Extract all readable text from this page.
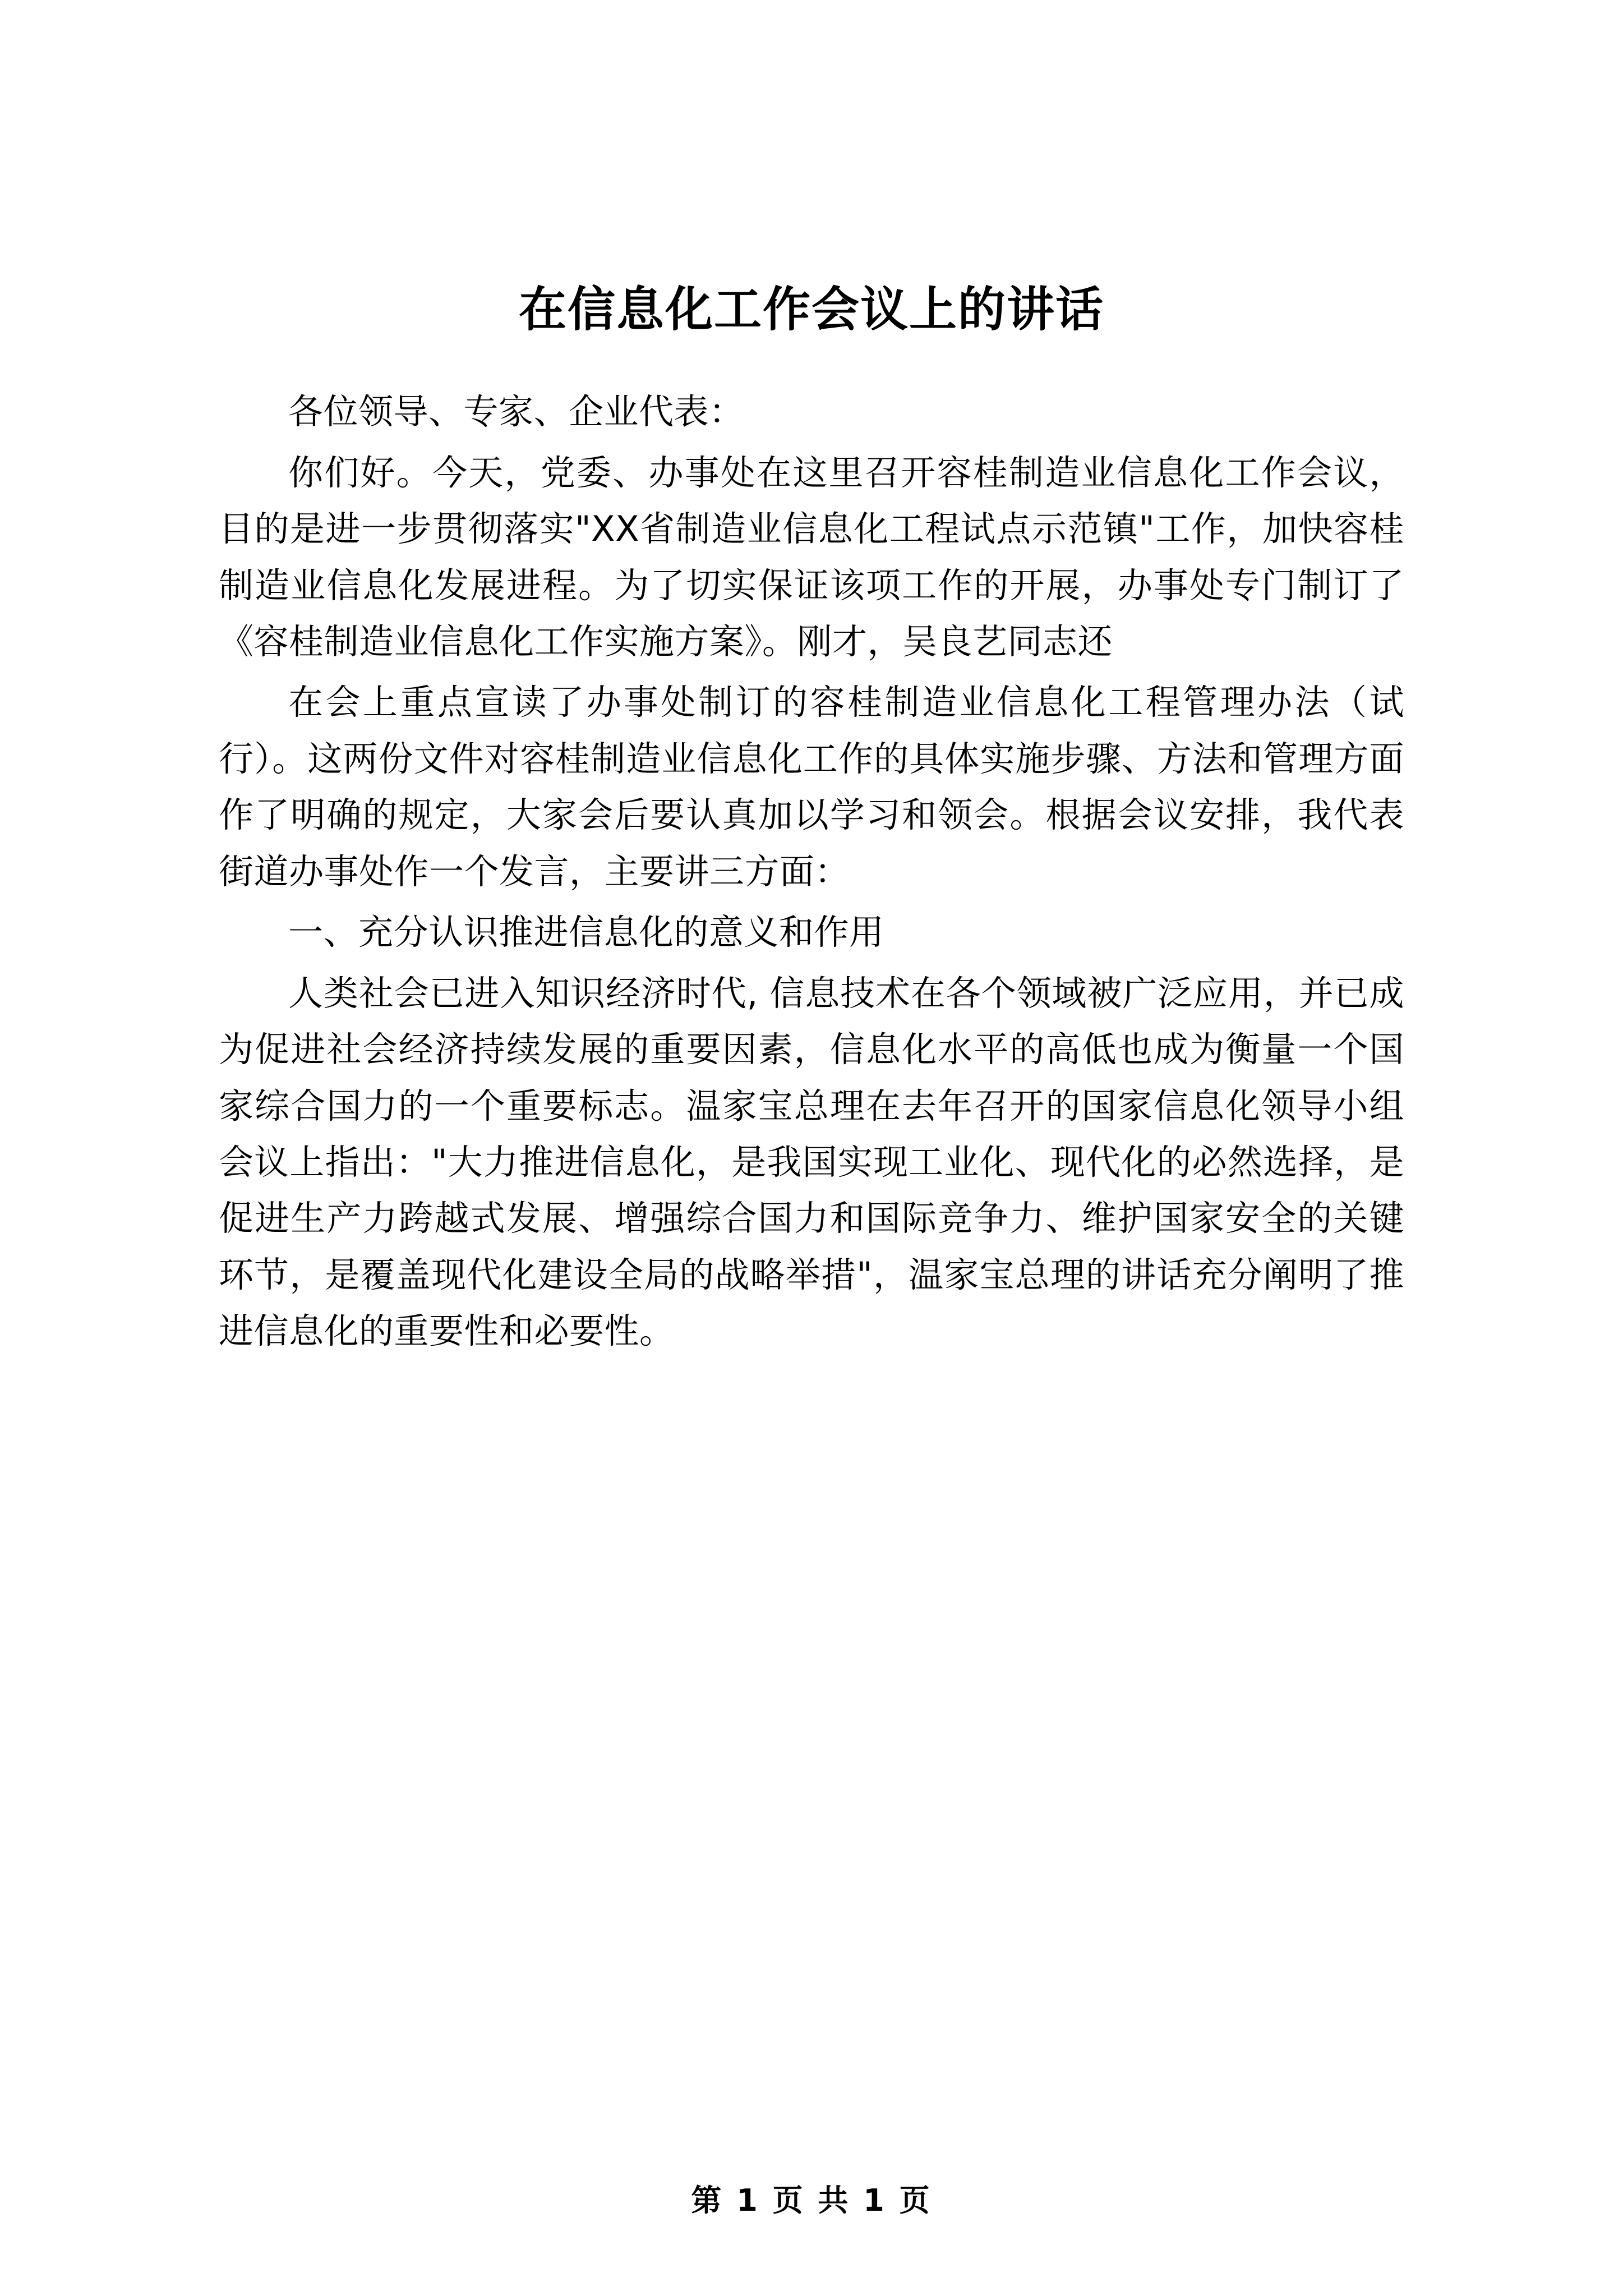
在信息化工作会议上的讲话

各位领导、专家、企业代表：

你们好。今天，党委、办事处在这里召开容桂制造业信息化工作会议，目的是进一步贯彻落实"XX省制造业信息化工程试点示范镇"工作，加快容桂制造业信息化发展进程。为了切实保证该项工作的开展，办事处专门制订了《容桂制造业信息化工作实施方案》。刚才，吴良艺同志还

在会上重点宣读了办事处制订的容桂制造业信息化工程管理办法（试行）。这两份文件对容桂制造业信息化工作的具体实施步骤、方法和管理方面作了明确的规定，大家会后要认真加以学习和领会。根据会议安排，我代表街道办事处作一个发言，主要讲三方面：

一、充分认识推进信息化的意义和作用

人类社会已进入知识经济时代, 信息技术在各个领域被广泛应用，并已成为促进社会经济持续发展的重要因素，信息化水平的高低也成为衡量一个国家综合国力的一个重要标志。温家宝总理在去年召开的国家信息化领导小组会议上指出："大力推进信息化，是我国实现工业化、现代化的必然选择，是促进生产力跨越式发展、增强综合国力和国际竞争力、维护国家安全的关键环节，是覆盖现代化建设全局的战略举措"，温家宝总理的讲话充分阐明了推进信息化的重要性和必要性。

第 1 页 共 1 页
